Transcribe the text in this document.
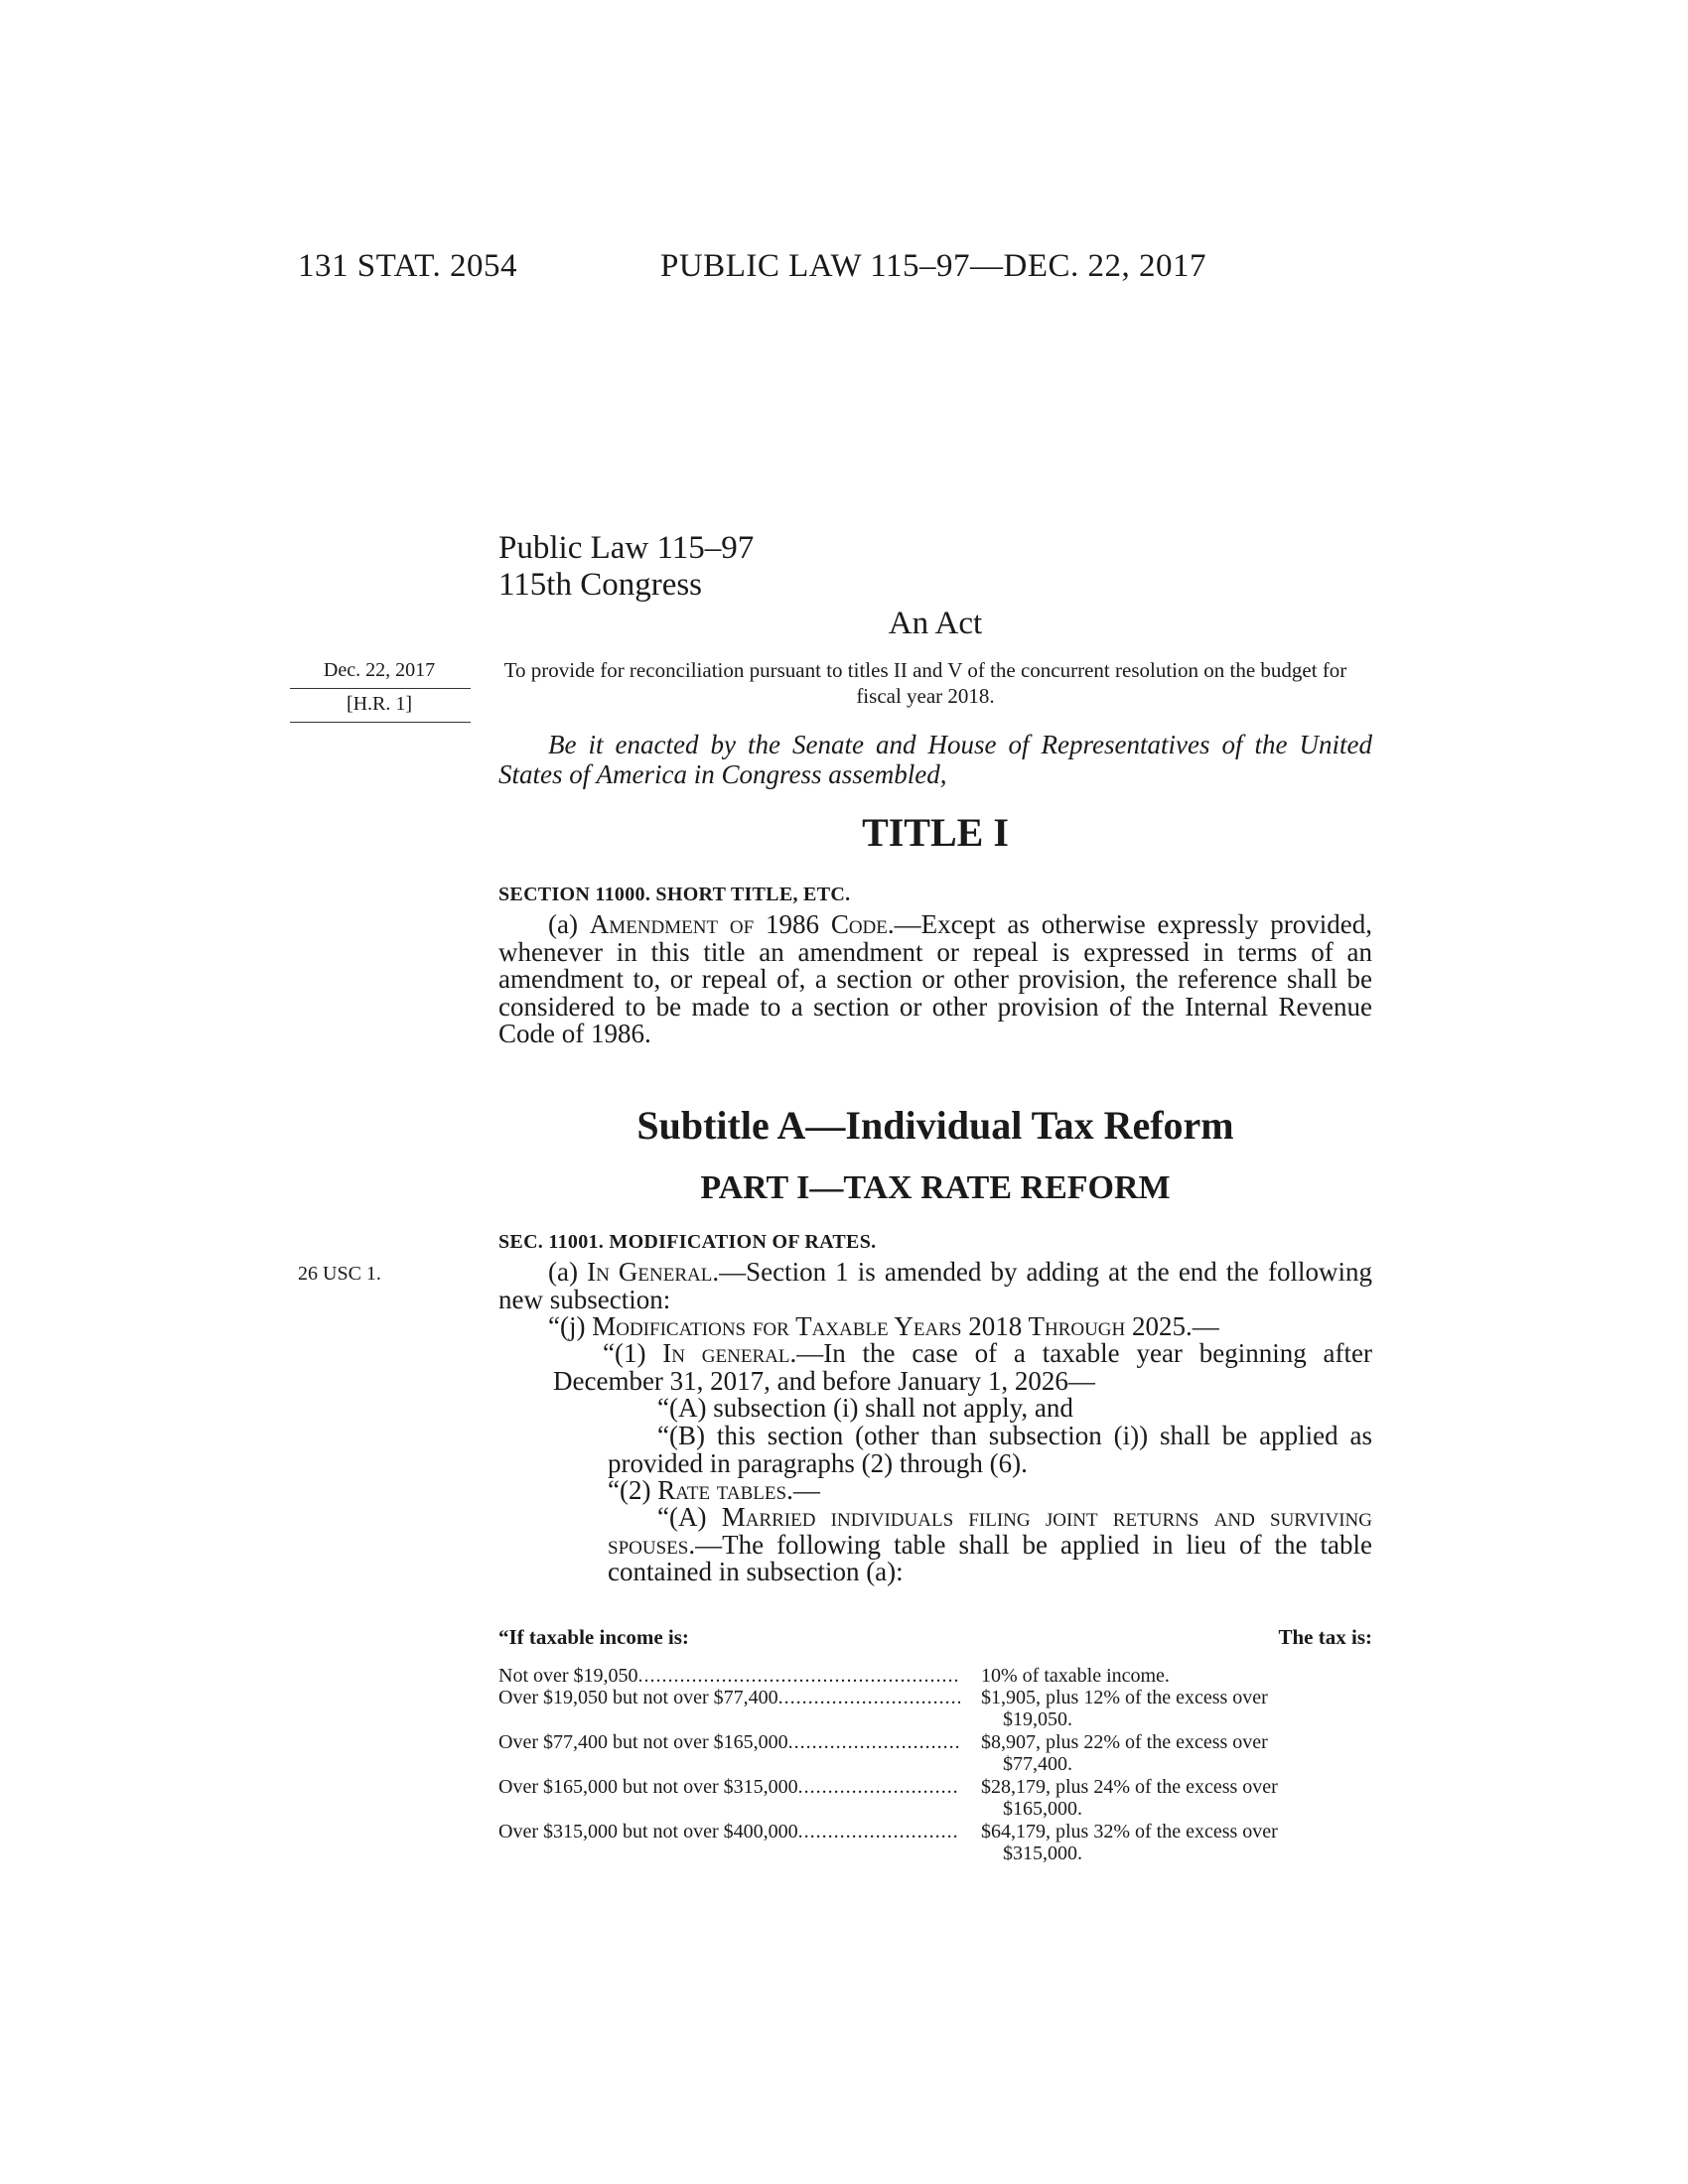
131 STAT. 2054	PUBLIC LAW 115–97—DEC. 22, 2017
Public Law 115–97
115th Congress
An Act
Dec. 22, 2017
[H.R. 1]
To provide for reconciliation pursuant to titles II and V of the concurrent resolution on the budget for fiscal year 2018.
Be it enacted by the Senate and House of Representatives of the United States of America in Congress assembled,
TITLE I
SECTION 11000. SHORT TITLE, ETC.
(a) Amendment of 1986 Code.—Except as otherwise expressly provided, whenever in this title an amendment or repeal is expressed in terms of an amendment to, or repeal of, a section or other provision, the reference shall be considered to be made to a section or other provision of the Internal Revenue Code of 1986.
Subtitle A—Individual Tax Reform
PART I—TAX RATE REFORM
SEC. 11001. MODIFICATION OF RATES.
26 USC 1.	(a) In General.—Section 1 is amended by adding at the end the following new subsection:
“(j) Modifications for Taxable Years 2018 Through 2025.—
“(1) In general.—In the case of a taxable year beginning after December 31, 2017, and before January 1, 2026—
“(A) subsection (i) shall not apply, and
“(B) this section (other than subsection (i)) shall be applied as provided in paragraphs (2) through (6).
“(2) Rate tables.—
“(A) Married individuals filing joint returns and surviving spouses.—The following table shall be applied in lieu of the table contained in subsection (a):
“If taxable income is:	The tax is:
Not over $19,050 .....	10% of taxable income.
Over $19,050 but not over $77,400 .....	$1,905, plus 12% of the excess over
$19,050.
Over $77,400 but not over $165,000 .....	$8,907, plus 22% of the excess over
$77,400.
Over $165,000 but not over $315,000 .....	$28,179, plus 24% of the excess over
$165,000.
Over $315,000 but not over $400,000 .....	$64,179, plus 32% of the excess over
$315,000.
